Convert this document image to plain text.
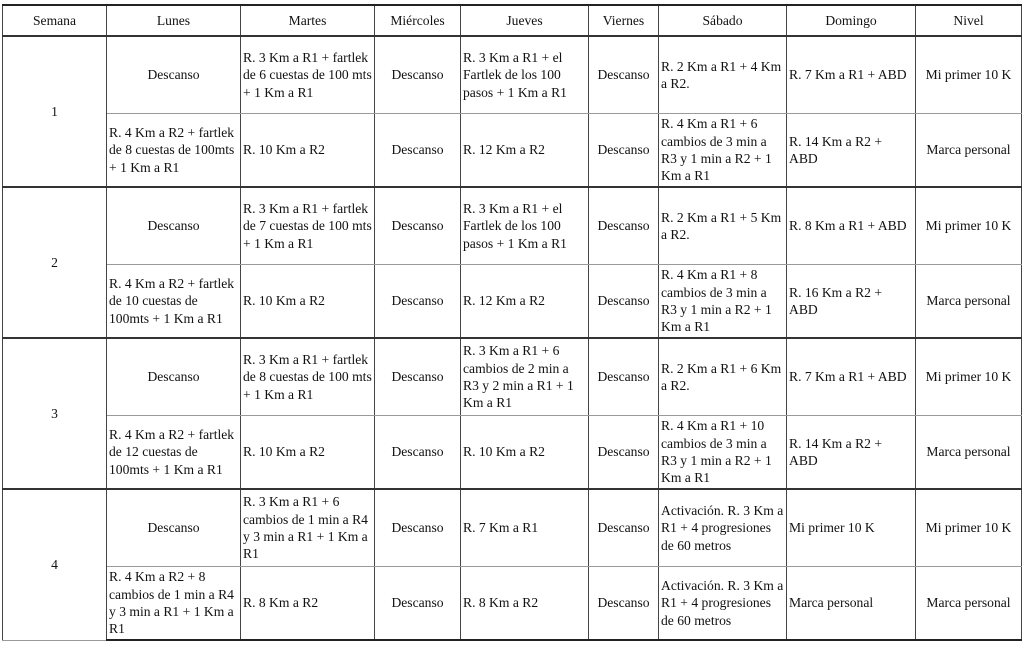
Semana	Lunes	Martes	Miércoles	Jueves	Viernes	Sábado	Domingo	Nivel
1	Descanso	R. 3 Km a R1 + fartlek de 6 cuestas de 100 mts + 1 Km a R1	Descanso	R. 3 Km a R1 + el Fartlek de los 100 pasos + 1 Km a R1	Descanso	R. 2 Km a R1 + 4 Km a R2.	R. 7 Km a R1 + ABD	Mi primer 10 K
	R. 4 Km a R2 + fartlek de 8 cuestas de 100mts + 1 Km a R1	R. 10 Km a R2	Descanso	R. 12 Km a R2	Descanso	R. 4 Km a R1 + 6 cambios de 3 min a R3 y 1 min a R2 + 1 Km a R1	R. 14 Km a R2 + ABD	Marca personal
2	Descanso	R. 3 Km a R1 + fartlek de 7 cuestas de 100 mts + 1 Km a R1	Descanso	R. 3 Km a R1 + el Fartlek de los 100 pasos + 1 Km a R1	Descanso	R. 2 Km a R1 + 5 Km a R2.	R. 8 Km a R1 + ABD	Mi primer 10 K
	R. 4 Km a R2 + fartlek de 10 cuestas de 100mts + 1 Km a R1	R. 10 Km a R2	Descanso	R. 12 Km a R2	Descanso	R. 4 Km a R1 + 8 cambios de 3 min a R3 y 1 min a R2 + 1 Km a R1	R. 16 Km a R2 + ABD	Marca personal
3	Descanso	R. 3 Km a R1 + fartlek de 8 cuestas de 100 mts + 1 Km a R1	Descanso	R. 3 Km a R1 + 6 cambios de 2 min a R3 y 2 min a R1 + 1 Km a R1	Descanso	R. 2 Km a R1 + 6 Km a R2.	R. 7 Km a R1 + ABD	Mi primer 10 K
	R. 4 Km a R2 + fartlek de 12 cuestas de 100mts + 1 Km a R1	R. 10 Km a R2	Descanso	R. 10 Km a R2	Descanso	R. 4 Km a R1 + 10 cambios de 3 min a R3 y 1 min a R2 + 1 Km a R1	R. 14 Km a R2 + ABD	Marca personal
4	Descanso	R. 3 Km a R1 + 6 cambios de 1 min a R4 y 3 min a R1 + 1 Km a R1	Descanso	R. 7 Km a R1	Descanso	Activación. R. 3 Km a R1 + 4 progresiones de 60 metros	Mi primer 10 K	Mi primer 10 K
	R. 4 Km a R2 + 8 cambios de 1 min a R4 y 3 min a R1 + 1 Km a R1	R. 8 Km a R2	Descanso	R. 8 Km a R2	Descanso	Activación. R. 3 Km a R1 + 4 progresiones de 60 metros	Marca personal	Marca personal
